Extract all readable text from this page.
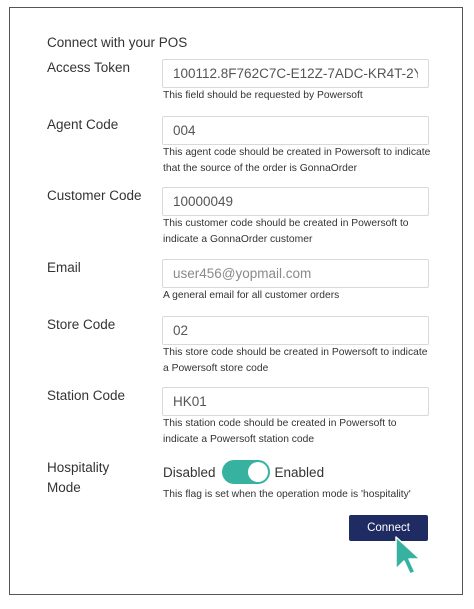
Connect with your POS
Access Token
100112.8F762C7C-E12Z-7ADC-KR4T-2YF4.4316
This field should be requested by Powersoft
Agent Code
004
This agent code should be created in Powersoft to indicate that the source of the order is GonnaOrder
Customer Code
10000049
This customer code should be created in Powersoft to indicate a GonnaOrder customer
Email
user456@yopmail.com
A general email for all customer orders
Store Code
02
This store code should be created in Powersoft to indicate a Powersoft store code
Station Code
HK01
This station code should be created in Powersoft to indicate a Powersoft station code
Hospitality
Mode
Disabled	Enabled
This flag is set when the operation mode is 'hospitality'
Connect
